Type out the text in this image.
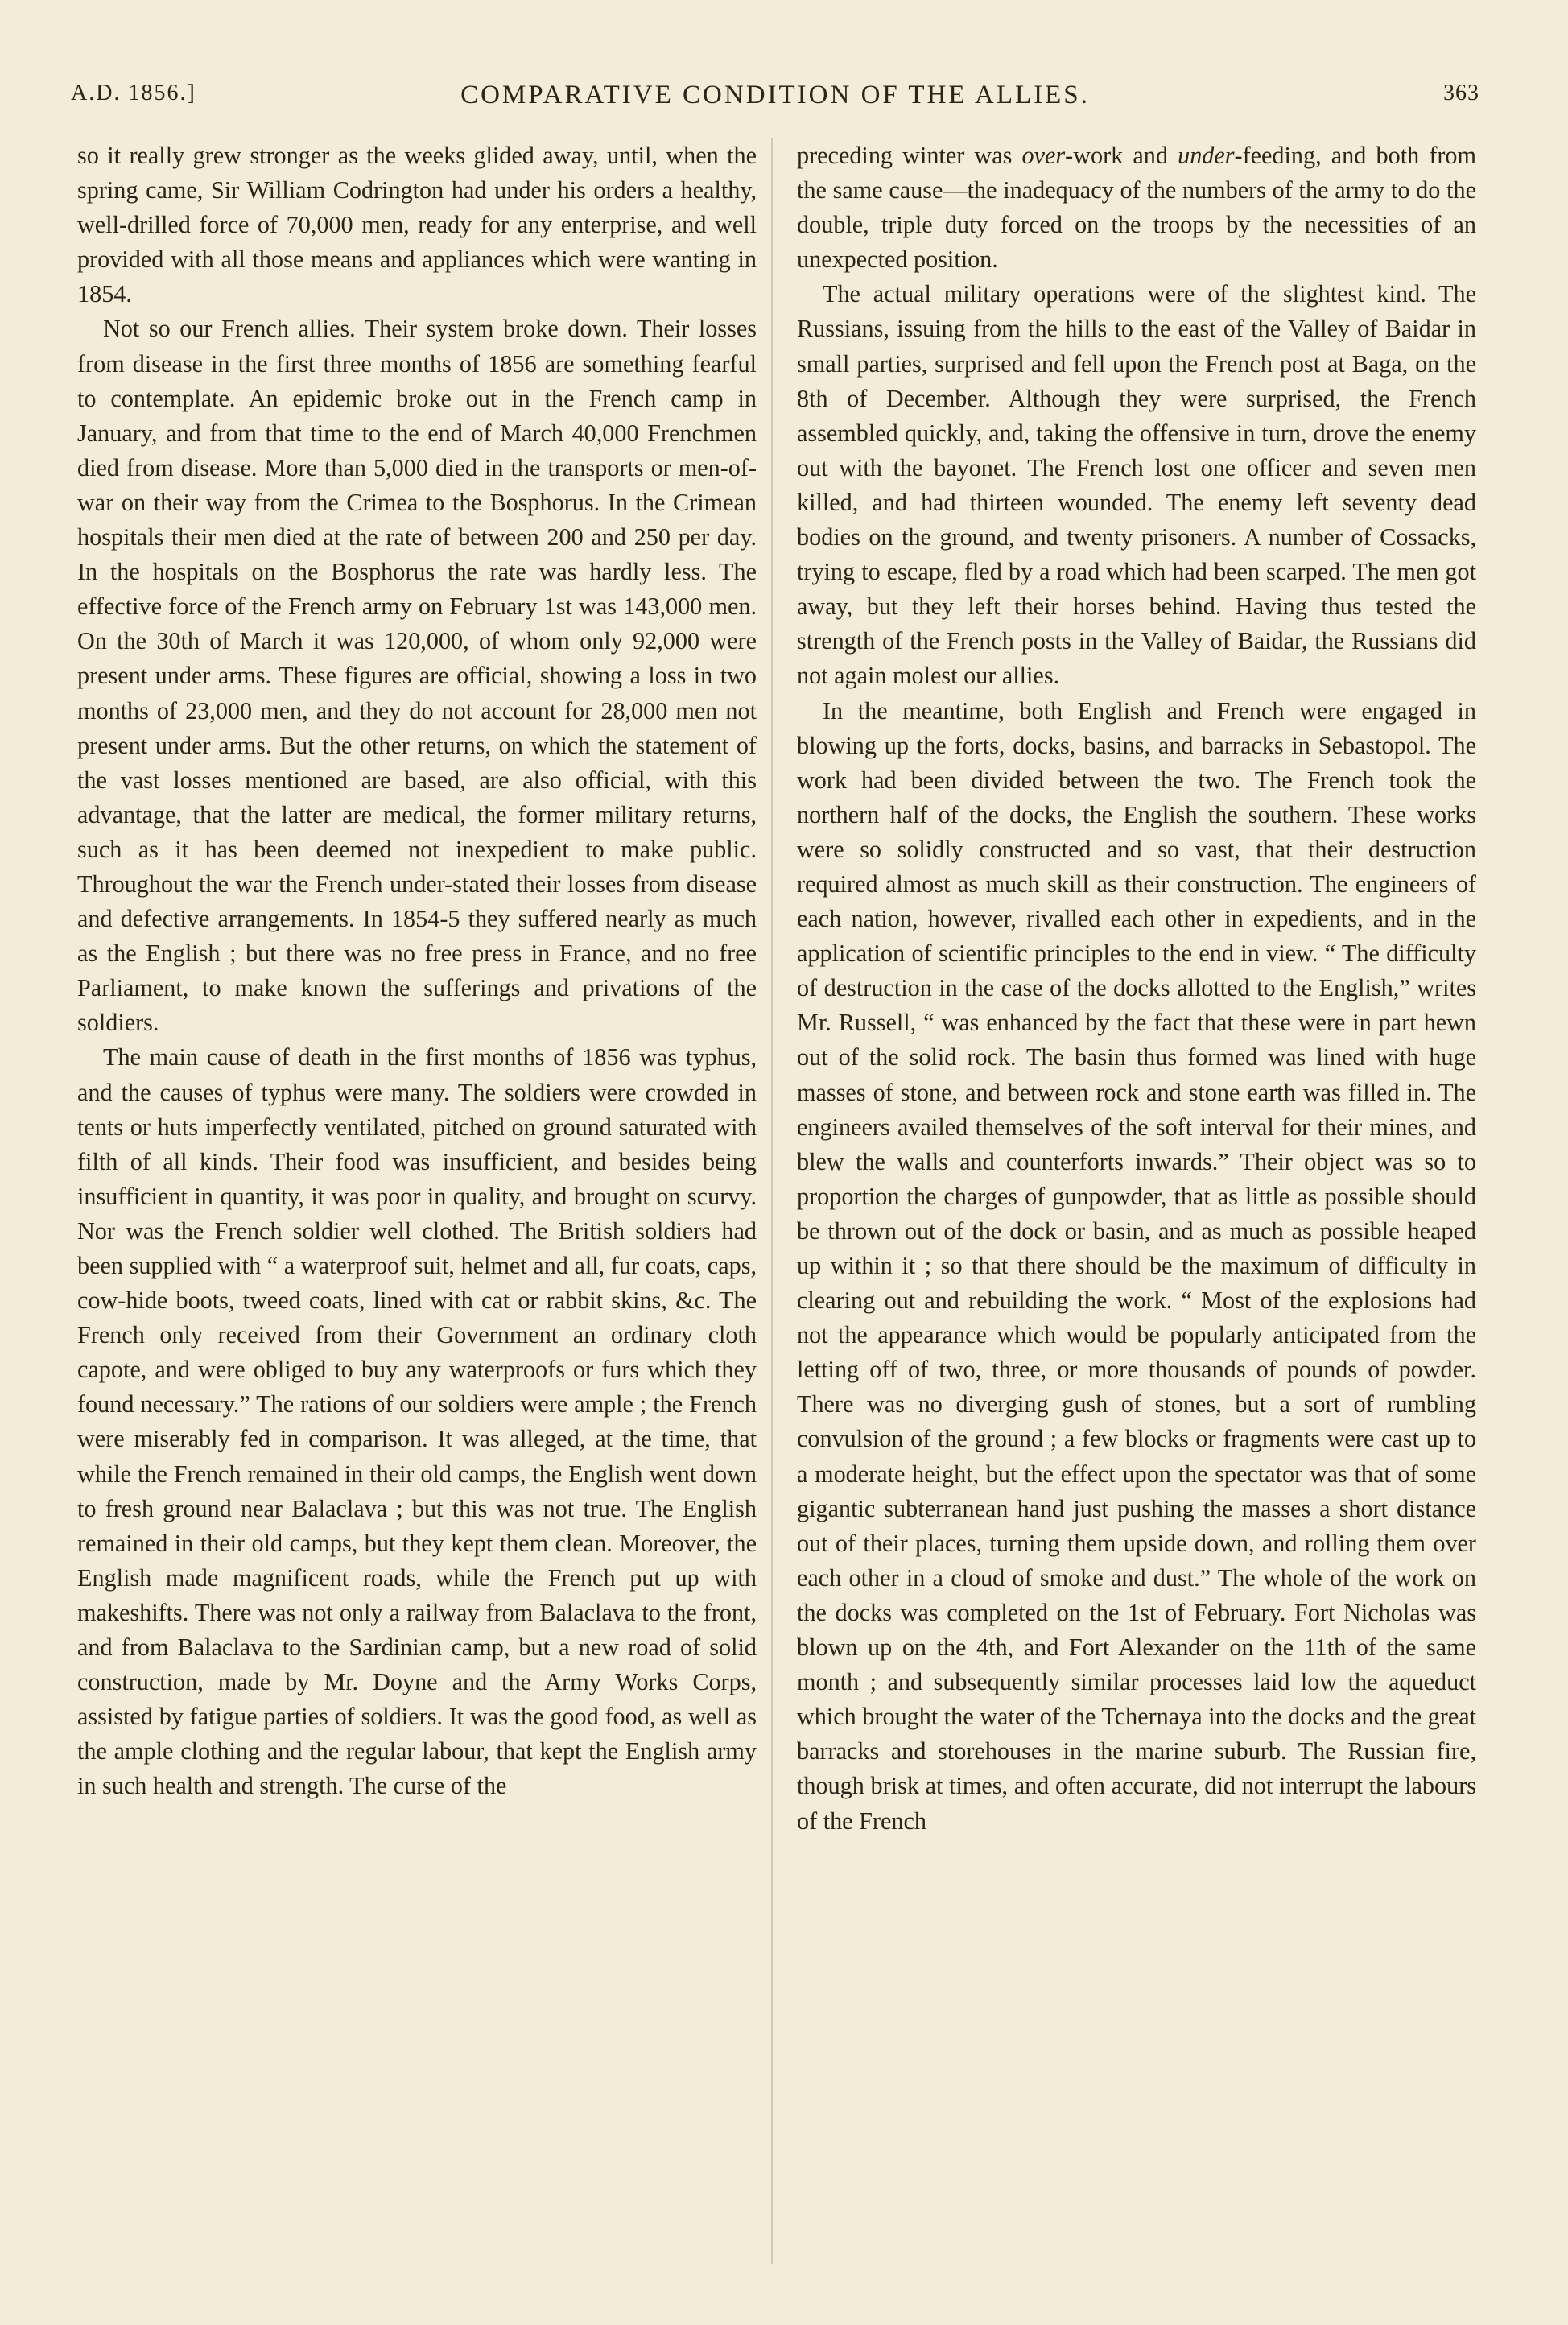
A.D. 1856.]	COMPARATIVE CONDITION OF THE ALLIES.	363

so it really grew stronger as the weeks glided away, until, when the spring came, Sir William Codrington had under his orders a healthy, well-drilled force of 70,000 men, ready for any enterprise, and well provided with all those means and appliances which were wanting in 1854.

Not so our French allies. Their system broke down. Their losses from disease in the first three months of 1856 are something fearful to contemplate. An epidemic broke out in the French camp in January, and from that time to the end of March 40,000 Frenchmen died from disease. More than 5,000 died in the transports or men-of-war on their way from the Crimea to the Bosphorus. In the Crimean hospitals their men died at the rate of between 200 and 250 per day. In the hospitals on the Bosphorus the rate was hardly less. The effective force of the French army on February 1st was 143,000 men. On the 30th of March it was 120,000, of whom only 92,000 were present under arms. These figures are official, showing a loss in two months of 23,000 men, and they do not account for 28,000 men not present under arms. But the other returns, on which the statement of the vast losses mentioned are based, are also official, with this advantage, that the latter are medical, the former military returns, such as it has been deemed not inexpedient to make public. Throughout the war the French under-stated their losses from disease and defective arrangements. In 1854-5 they suffered nearly as much as the English ; but there was no free press in France, and no free Parliament, to make known the sufferings and privations of the soldiers.

The main cause of death in the first months of 1856 was typhus, and the causes of typhus were many. The soldiers were crowded in tents or huts imperfectly ventilated, pitched on ground saturated with filth of all kinds. Their food was insufficient, and besides being insufficient in quantity, it was poor in quality, and brought on scurvy. Nor was the French soldier well clothed. The British soldiers had been supplied with “ a waterproof suit, helmet and all, fur coats, caps, cow-hide boots, tweed coats, lined with cat or rabbit skins, &c. The French only received from their Government an ordinary cloth capote, and were obliged to buy any waterproofs or furs which they found necessary.” The rations of our soldiers were ample ; the French were miserably fed in comparison. It was alleged, at the time, that while the French remained in their old camps, the English went down to fresh ground near Balaclava ; but this was not true. The English remained in their old camps, but they kept them clean. Moreover, the English made magnificent roads, while the French put up with makeshifts. There was not only a railway from Balaclava to the front, and from Balaclava to the Sardinian camp, but a new road of solid construction, made by Mr. Doyne and the Army Works Corps, assisted by fatigue parties of soldiers. It was the good food, as well as the ample clothing and the regular labour, that kept the English army in such health and strength. The curse of the

preceding winter was over-work and under-feeding, and both from the same cause—the inadequacy of the numbers of the army to do the double, triple duty forced on the troops by the necessities of an unexpected position.

The actual military operations were of the slightest kind. The Russians, issuing from the hills to the east of the Valley of Baidar in small parties, surprised and fell upon the French post at Baga, on the 8th of December. Although they were surprised, the French assembled quickly, and, taking the offensive in turn, drove the enemy out with the bayonet. The French lost one officer and seven men killed, and had thirteen wounded. The enemy left seventy dead bodies on the ground, and twenty prisoners. A number of Cossacks, trying to escape, fled by a road which had been scarped. The men got away, but they left their horses behind. Having thus tested the strength of the French posts in the Valley of Baidar, the Russians did not again molest our allies.

In the meantime, both English and French were engaged in blowing up the forts, docks, basins, and barracks in Sebastopol. The work had been divided between the two. The French took the northern half of the docks, the English the southern. These works were so solidly constructed and so vast, that their destruction required almost as much skill as their construction. The engineers of each nation, however, rivalled each other in expedients, and in the application of scientific principles to the end in view. “ The difficulty of destruction in the case of the docks allotted to the English,” writes Mr. Russell, “ was enhanced by the fact that these were in part hewn out of the solid rock. The basin thus formed was lined with huge masses of stone, and between rock and stone earth was filled in. The engineers availed themselves of the soft interval for their mines, and blew the walls and counterforts inwards.” Their object was so to proportion the charges of gunpowder, that as little as possible should be thrown out of the dock or basin, and as much as possible heaped up within it ; so that there should be the maximum of difficulty in clearing out and rebuilding the work. “ Most of the explosions had not the appearance which would be popularly anticipated from the letting off of two, three, or more thousands of pounds of powder. There was no diverging gush of stones, but a sort of rumbling convulsion of the ground ; a few blocks or fragments were cast up to a moderate height, but the effect upon the spectator was that of some gigantic subterranean hand just pushing the masses a short distance out of their places, turning them upside down, and rolling them over each other in a cloud of smoke and dust.” The whole of the work on the docks was completed on the 1st of February. Fort Nicholas was blown up on the 4th, and Fort Alexander on the 11th of the same month ; and subsequently similar processes laid low the aqueduct which brought the water of the Tchernaya into the docks and the great barracks and storehouses in the marine suburb. The Russian fire, though brisk at times, and often accurate, did not interrupt the labours of the French
